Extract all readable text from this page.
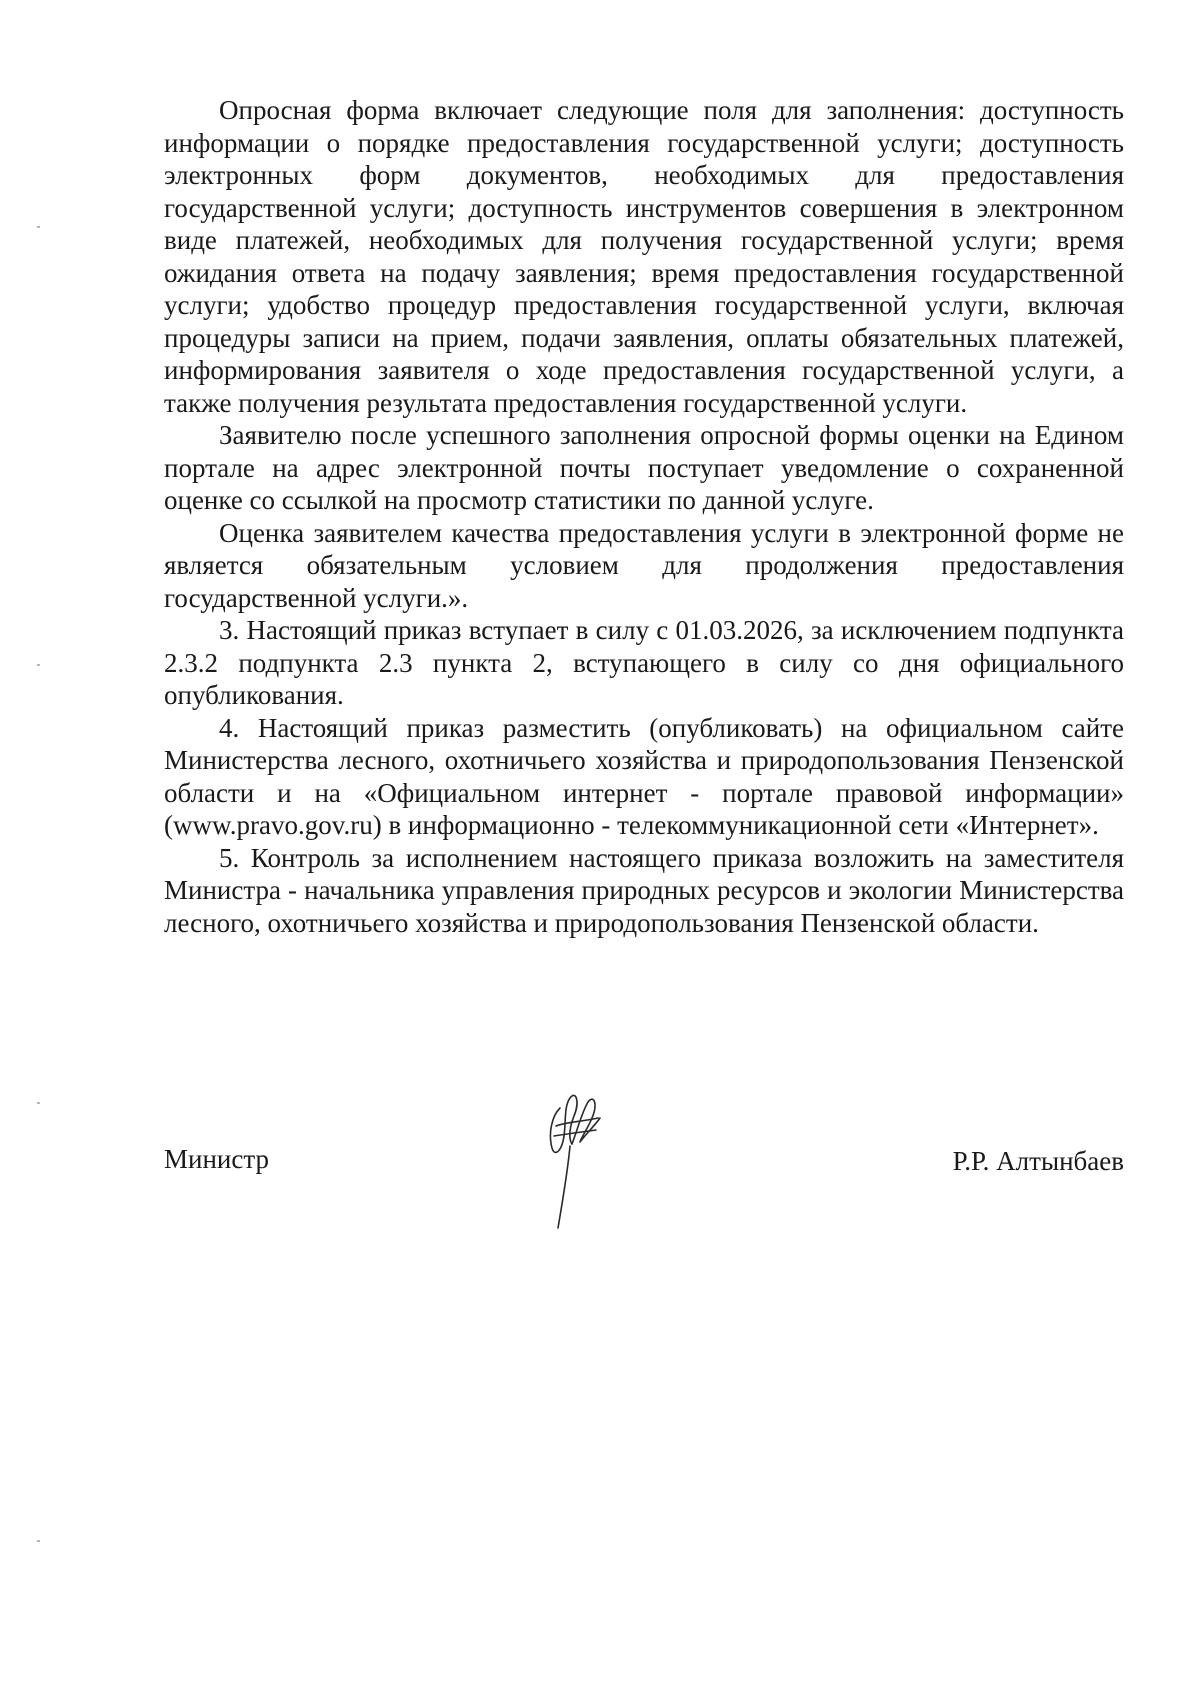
Опросная форма включает следующие поля для заполнения: доступность информации о порядке предоставления государственной услуги; доступность электронных форм документов, необходимых для предоставления государственной услуги; доступность инструментов совершения в электронном виде платежей, необходимых для получения государственной услуги; время ожидания ответа на подачу заявления; время предоставления государственной услуги; удобство процедур предоставления государственной услуги, включая процедуры записи на прием, подачи заявления, оплаты обязательных платежей, информирования заявителя о ходе предоставления государственной услуги, а также получения результата предоставления государственной услуги.

Заявителю после успешного заполнения опросной формы оценки на Едином портале на адрес электронной почты поступает уведомление о сохраненной оценке со ссылкой на просмотр статистики по данной услуге.

Оценка заявителем качества предоставления услуги в электронной форме не является обязательным условием для продолжения предоставления государственной услуги.».

3. Настоящий приказ вступает в силу с 01.03.2026, за исключением подпункта 2.3.2 подпункта 2.3 пункта 2, вступающего в силу со дня официального опубликования.

4. Настоящий приказ разместить (опубликовать) на официальном сайте Министерства лесного, охотничьего хозяйства и природопользования Пензенской области и на «Официальном интернет - портале правовой информации» (www.pravo.gov.ru) в информационно - телекоммуникационной сети «Интернет».

5. Контроль за исполнением настоящего приказа возложить на заместителя Министра - начальника управления природных ресурсов и экологии Министерства лесного, охотничьего хозяйства и природопользования Пензенской области.

Министр	Р.Р. Алтынбаев
